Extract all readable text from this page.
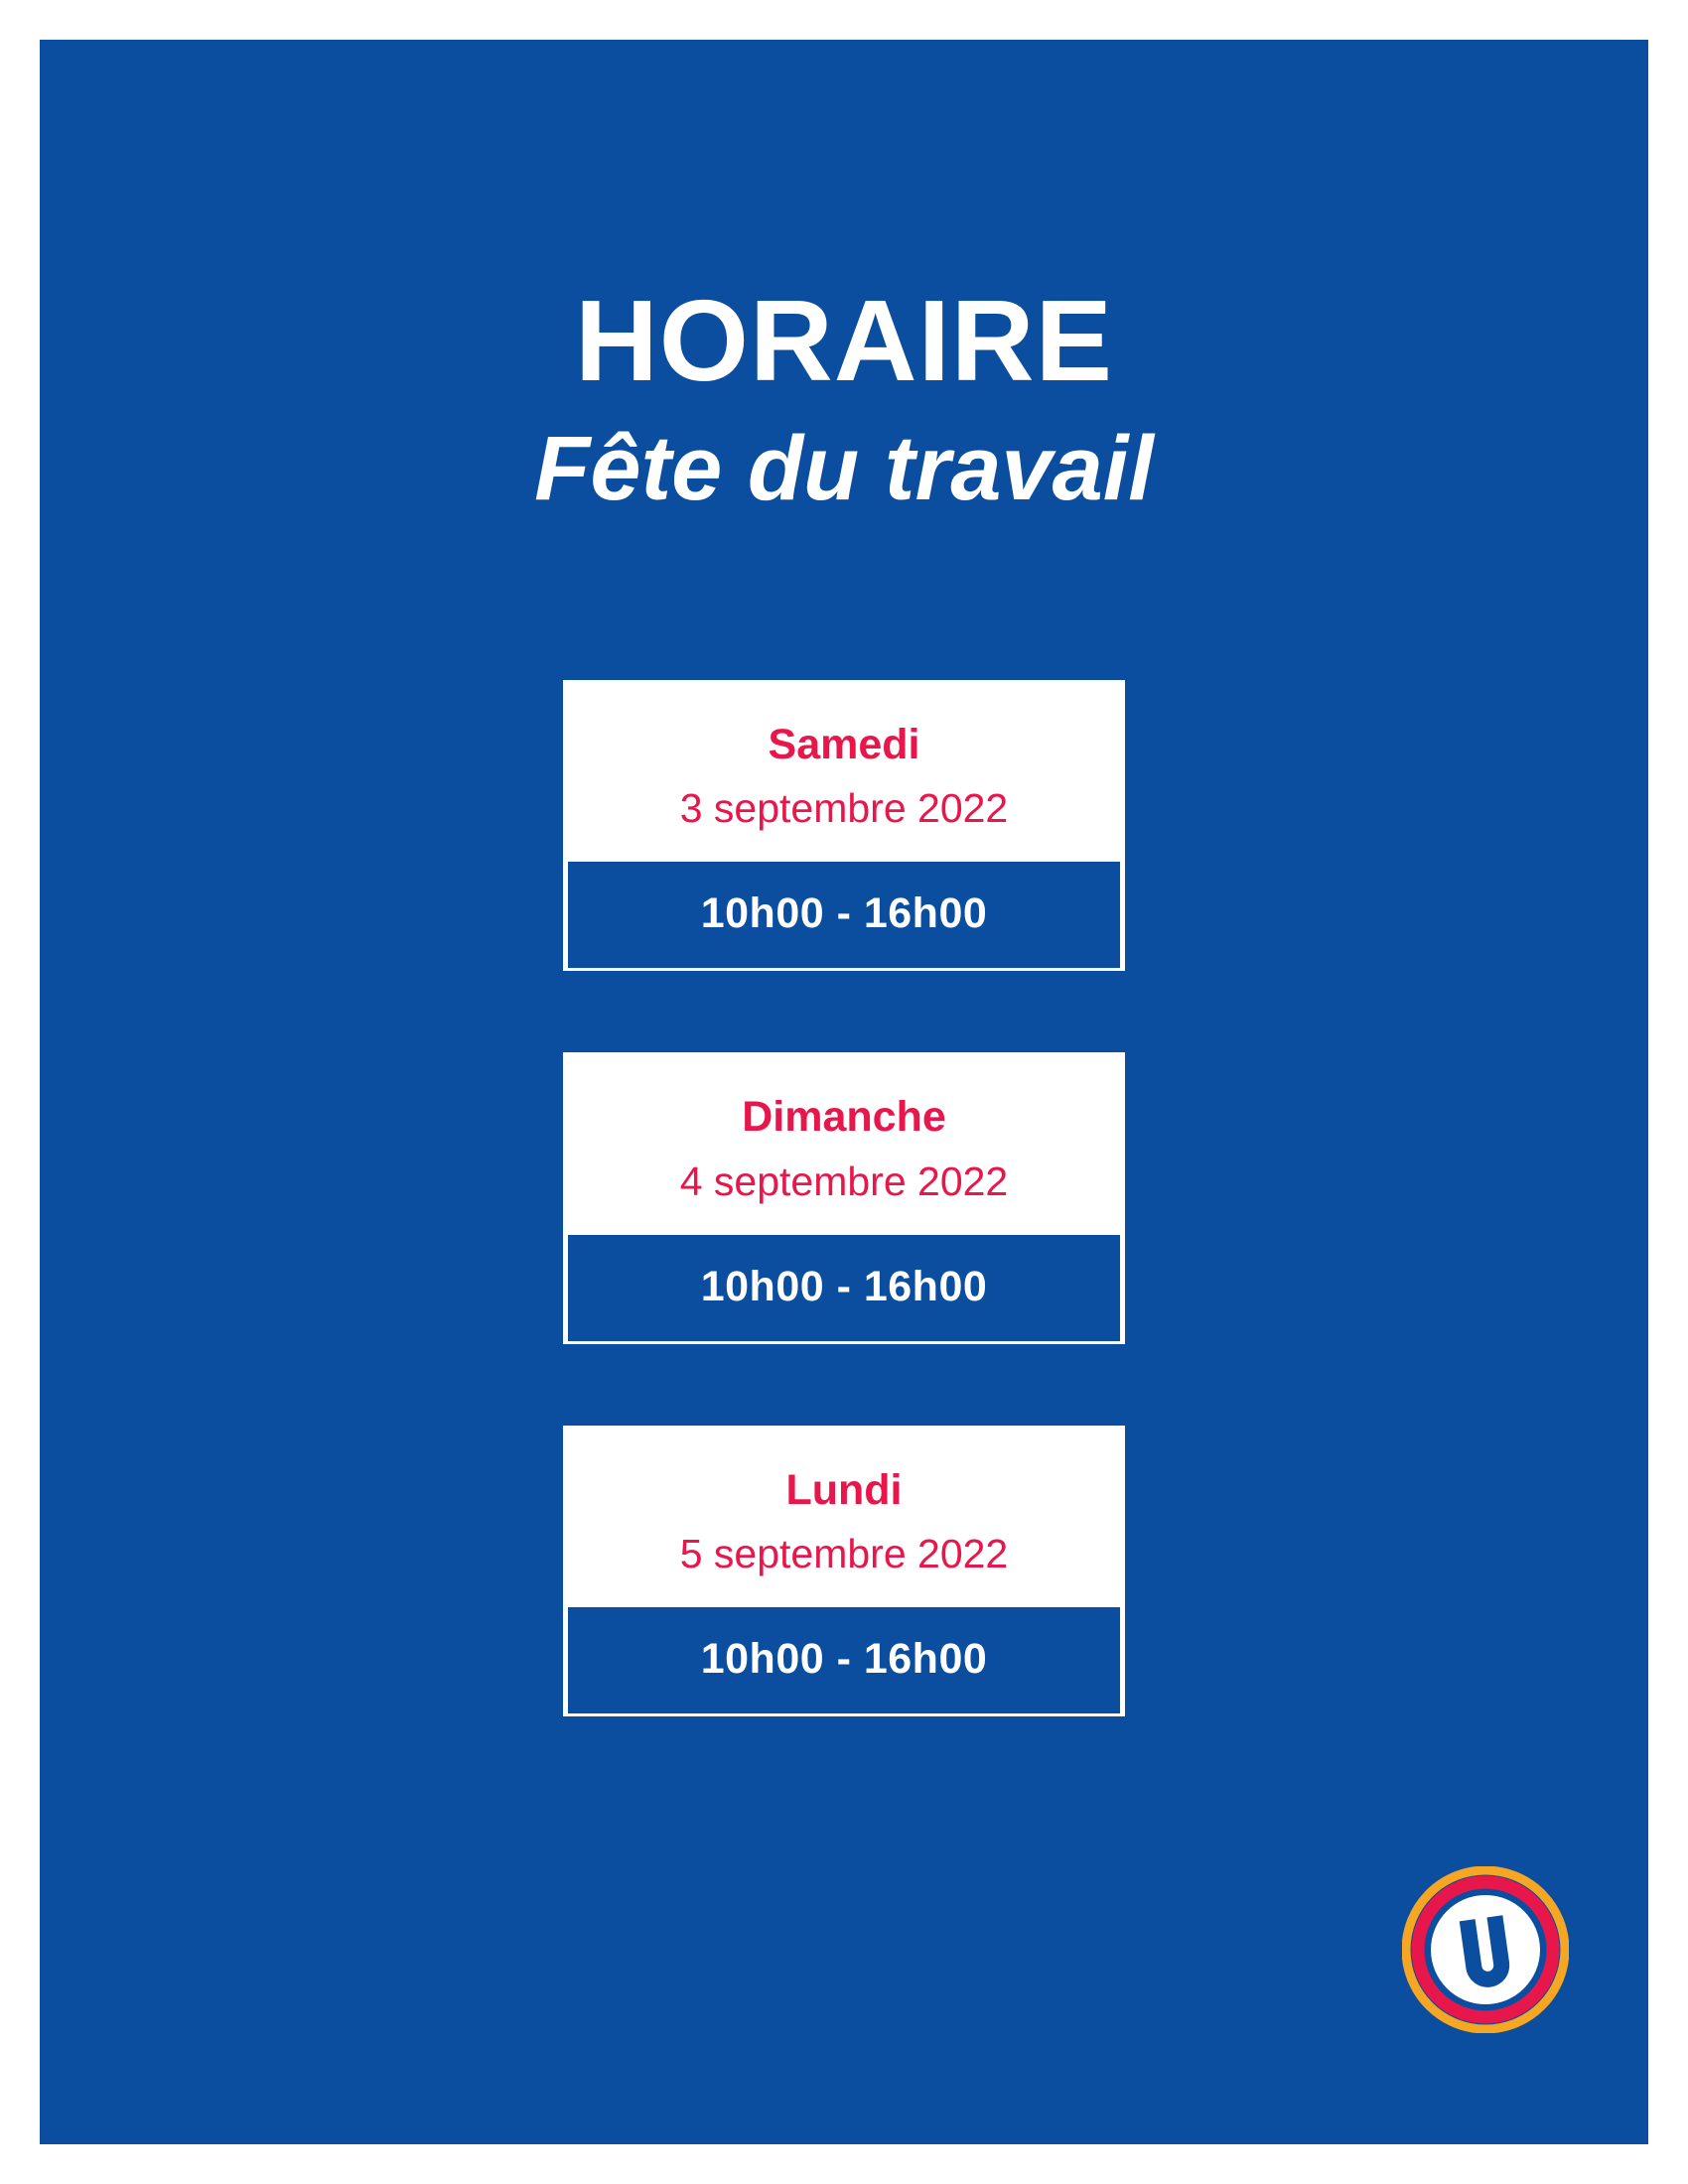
HORAIRE
Fête du travail
Samedi
3 septembre 2022
10h00 - 16h00
Dimanche
4 septembre 2022
10h00 - 16h00
Lundi
5 septembre 2022
10h00 - 16h00
